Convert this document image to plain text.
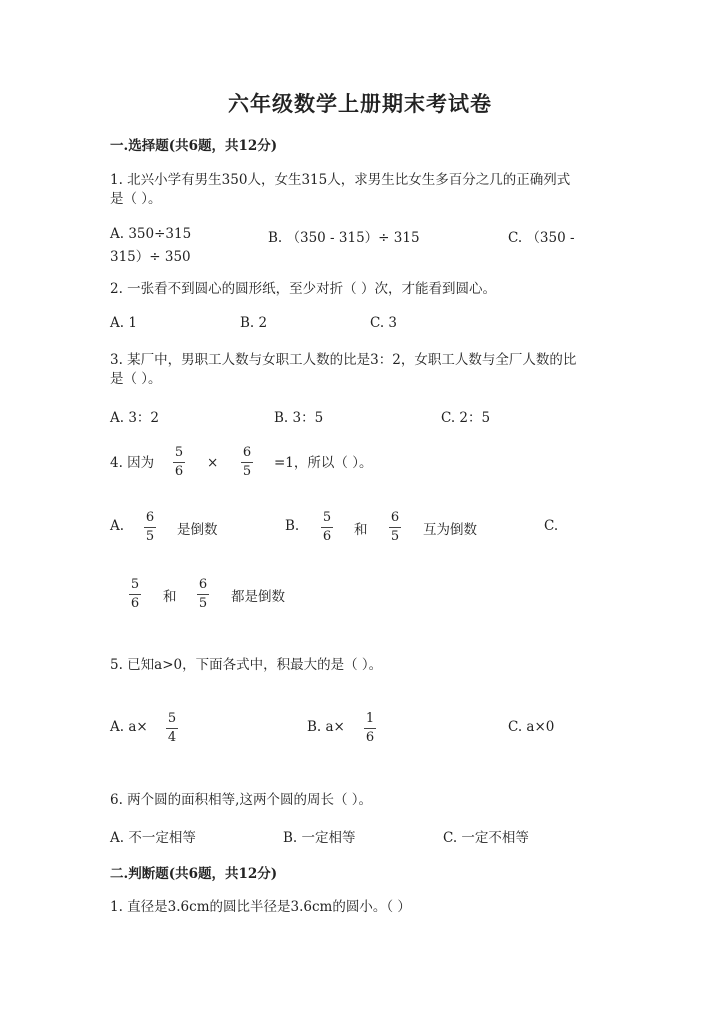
六年级数学上册期末考试卷
一.选择题(共6题，共12分)
1. 北兴小学有男生350人，女生315人，求男生比女生多百分之几的正确列式
是（ ）。
A. 350÷315	B. （350 - 315）÷ 315	C. （350 -
315）÷ 350
2. 一张看不到圆心的圆形纸，至少对折（ ）次，才能看到圆心。
A. 1	B. 2	C. 3
3. 某厂中，男职工人数与女职工人数的比是3：2，女职工人数与全厂人数的比
是（ ）。
A. 3：2	B. 3：5	C. 2：5
4. 因为
5
6
×
6
5
=1，所以（ ）。
A.
6
5 是倒数	B.
5
6 和
6
5 互为倒数	C.
5
6 和
6
5 都是倒数
5. 已知a>0，下面各式中，积最大的是（ ）。
A. a×
5
4
B. a×
1
6
C. a×0
6. 两个圆的面积相等,这两个圆的周长（ ）。
A. 不一定相等	B. 一定相等	C. 一定不相等
二.判断题(共6题，共12分)
1. 直径是3.6cm的圆比半径是3.6cm的圆小。（ ）
